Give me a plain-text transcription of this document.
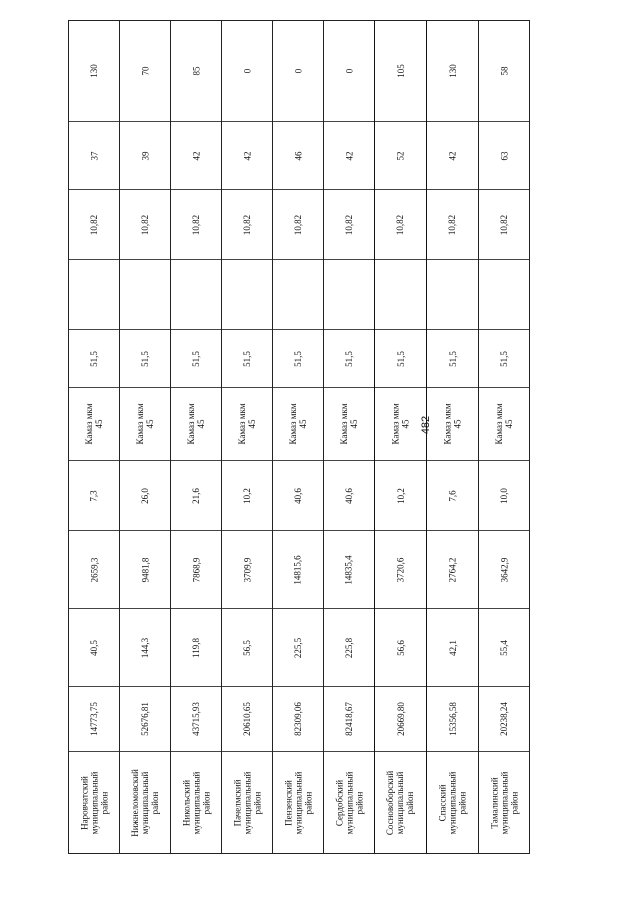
482
130
37
10,82
51,5
Камаз мкм 45
7,3
2659,3
40,5
14773,75
Наровчатский муниципальный район
70
39
10,82
51,5
Камаз мкм 45
26,0
9481,8
144,3
52676,81
Нижнеломовский муниципальный район
85
42
10,82
51,5
Камаз мкм 45
21,6
7868,9
119,8
43715,93
Никольский муниципальный район
0
42
10,82
51,5
Камаз мкм 45
10,2
3709,9
56,5
20610,65
Пачелмский муниципальный район
0
46
10,82
51,5
Камаз мкм 45
40,6
14815,6
225,5
82309,06
Пензенский муниципальный район
0
42
10,82
51,5
Камаз мкм 45
40,6
14835,4
225,8
82418,67
Сердобский муниципальный район
105
52
10,82
51,5
Камаз мкм 45
10,2
3720,6
56,6
20669,80
Сосновоборский муниципальный район
130
42
10,82
51,5
Камаз мкм 45
7,6
2764,2
42,1
15356,58
Спасский муниципальный район
58
63
10,82
51,5
Камаз мкм 45
10,0
3642,9
55,4
20238,24
Тамалинский муниципальный район
